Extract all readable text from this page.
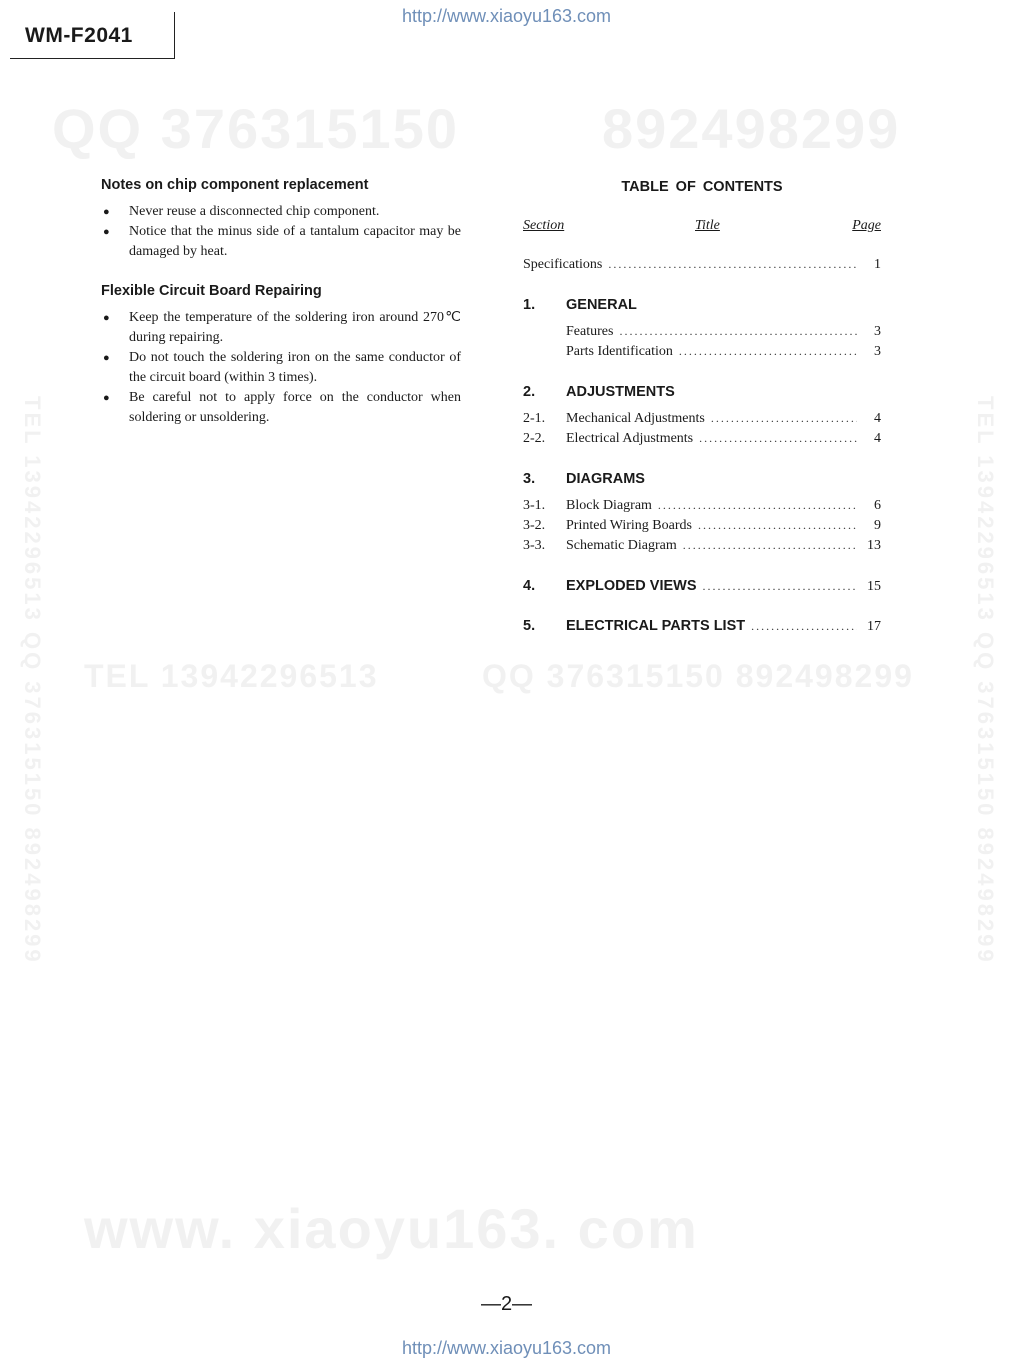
QQ 376315150	892498299
TEL 13942296513	QQ 376315150 892498299
TEL 13942296513 QQ 376315150 892498299	TEL 13942296513 QQ 376315150 892498299
www. xiaoyu163. com
http://www.xiaoyu163.com
WM-F2041
Notes on chip component replacement
● Never reuse a disconnected chip component.
● Notice that the minus side of a tantalum capacitor may be damaged by heat.
Flexible Circuit Board Repairing
● Keep the temperature of the soldering iron around 270℃ during repairing.
● Do not touch the soldering iron on the same conductor of the circuit board (within 3 times).
● Be careful not to apply force on the conductor when soldering or unsoldering.
TABLE OF CONTENTS
Section	Title	Page
Specifications .....	1
1.	GENERAL
Features .....	3
Parts Identification .....	3
2.	ADJUSTMENTS
2-1.	Mechanical Adjustments .....	4
2-2.	Electrical Adjustments .....	4
3.	DIAGRAMS
3-1.	Block Diagram .....	6
3-2.	Printed Wiring Boards .....	9
3-3.	Schematic Diagram .....	13
4.	EXPLODED VIEWS .....	15
5.	ELECTRICAL PARTS LIST .....	17
—2—
http://www.xiaoyu163.com
